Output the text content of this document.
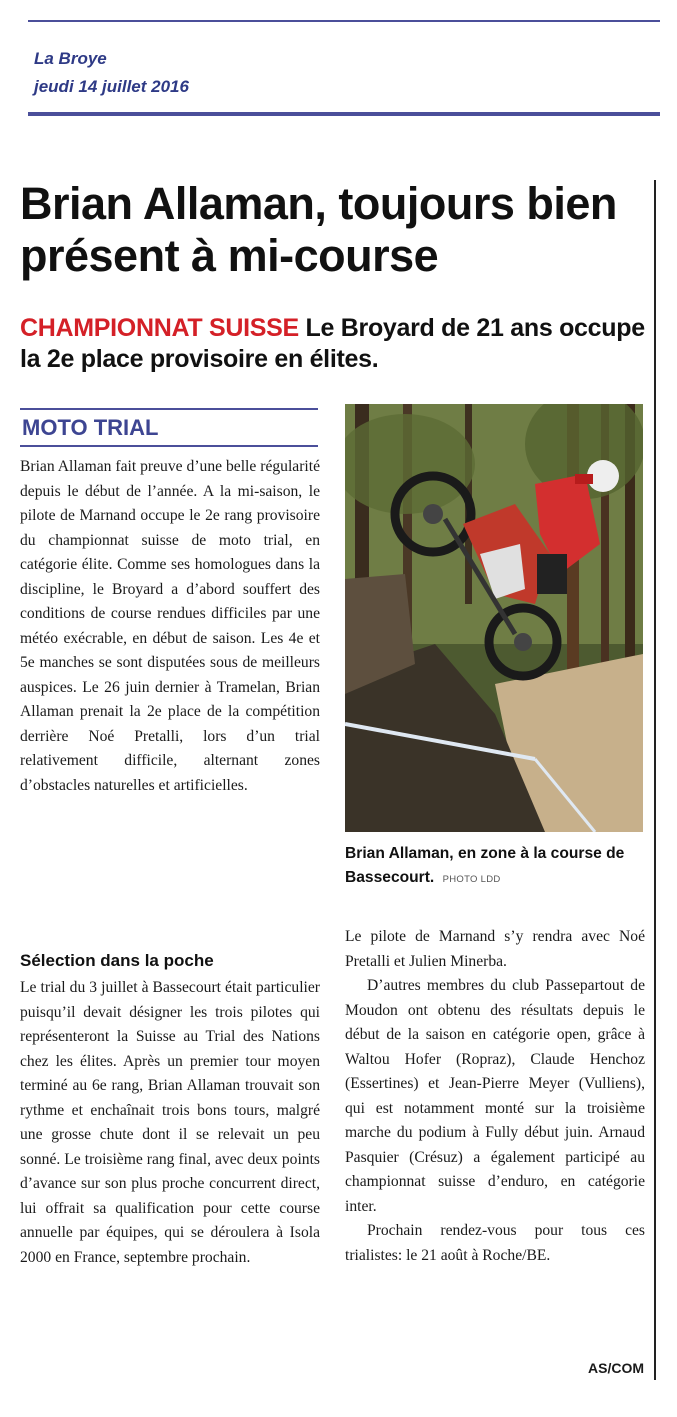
La Broye
jeudi 14 juillet 2016
Brian Allaman, toujours bien présent à mi-course
CHAMPIONNAT SUISSE Le Broyard de 21 ans occupe la 2e place provisoire en élites.
MOTO TRIAL

Brian Allaman fait preuve d’une belle régularité depuis le début de l’année. A la mi-saison, le pilote de Marnand occupe le 2e rang provisoire du championnat suisse de moto trial, en catégorie élite. Comme ses homologues dans la discipline, le Broyard a d’abord souffert des conditions de course rendues difficiles par une météo exécrable, en début de saison. Les 4e et 5e manches se sont disputées sous de meilleurs auspices. Le 26 juin dernier à Tramelan, Brian Allaman prenait la 2e place de la compétition derrière Noé Pretalli, lors d’un trial relativement difficile, alternant zones d’obstacles naturelles et artificielles.

Sélection dans la poche

Le trial du 3 juillet à Bassecourt était particulier puisqu’il devait désigner les trois pilotes qui représenteront la Suisse au Trial des Nations chez les élites. Après un premier tour moyen terminé au 6e rang, Brian Allaman trouvait son rythme et enchaînait trois bons tours, malgré une grosse chute dont il se relevait un peu sonné. Le troisième rang final, avec deux points d’avance sur son plus proche concurrent direct, lui offrait sa qualification pour cette course annuelle par équipes, qui se déroulera à Isola 2000 en France, septembre prochain.

Brian Allaman, en zone à la course de Bassecourt. PHOTO LDD

Le pilote de Marnand s’y rendra avec Noé Pretalli et Julien Minerba.

D’autres membres du club Passepartout de Moudon ont obtenu des résultats depuis le début de la saison en catégorie open, grâce à Waltou Hofer (Ropraz), Claude Henchoz (Essertines) et Jean-Pierre Meyer (Vulliens), qui est notamment monté sur la troisième marche du podium à Fully début juin. Arnaud Pasquier (Crésuz) a également participé au championnat suisse d’enduro, en catégorie inter.

Prochain rendez-vous pour tous ces trialistes: le 21 août à Roche/BE.

AS/COM
